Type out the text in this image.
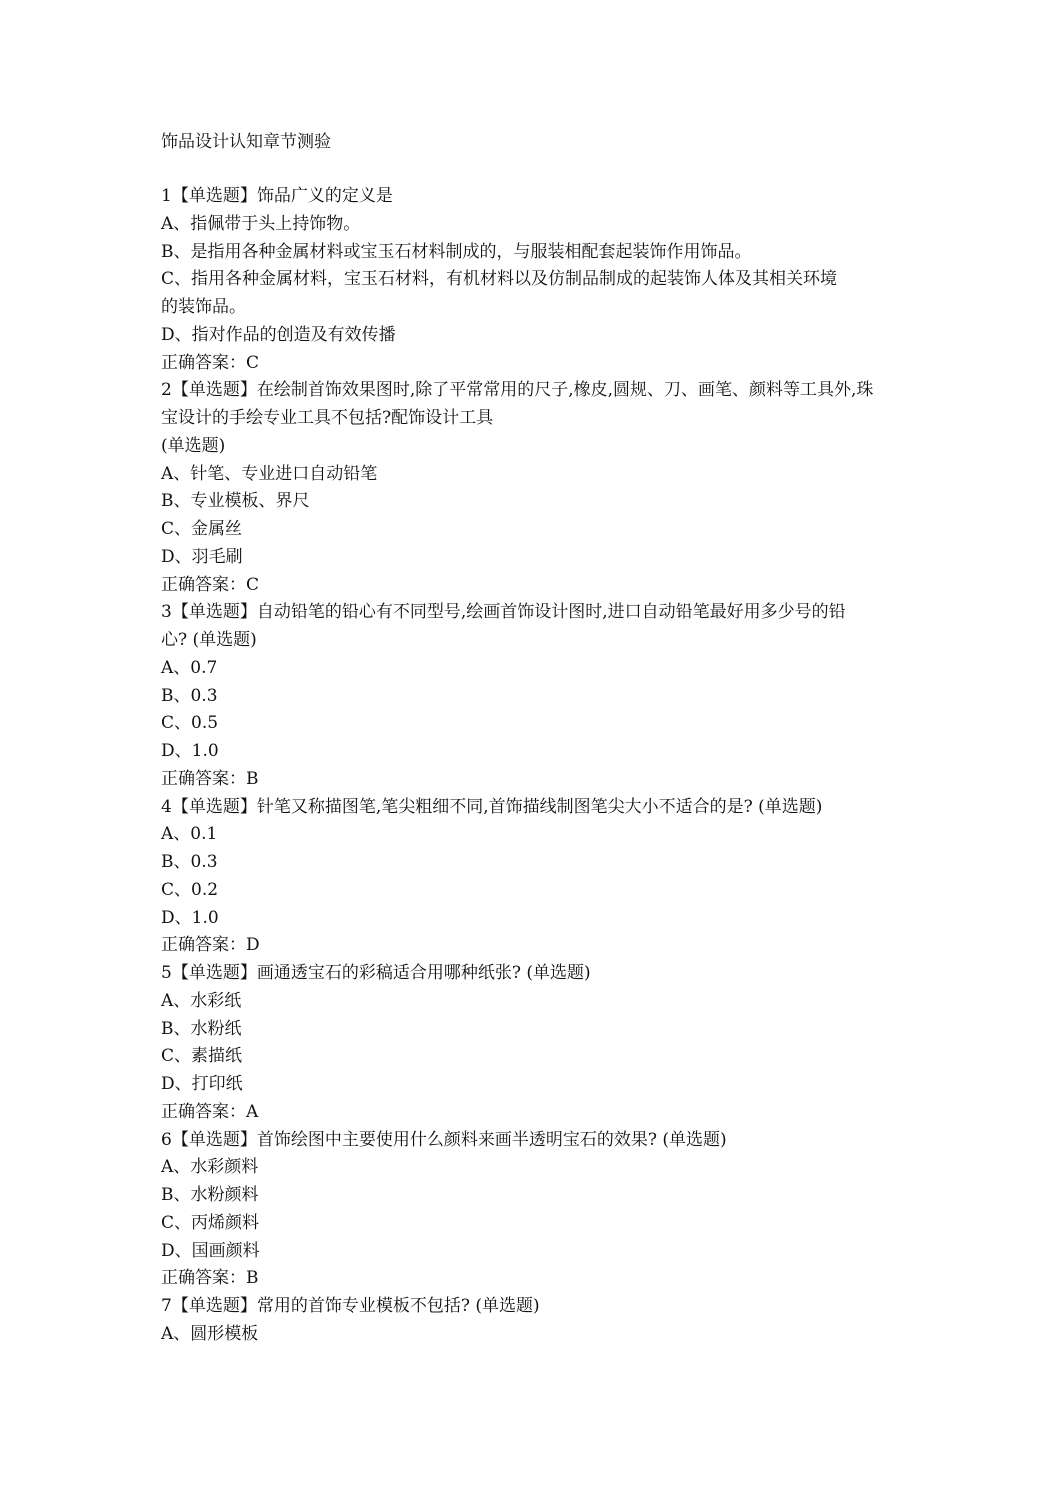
饰品设计认知章节测验
1【单选题】饰品广义的定义是
A、指佩带于头上持饰物。
B、是指用各种金属材料或宝玉石材料制成的，与服装相配套起装饰作用饰品。
C、指用各种金属材料，宝玉石材料，有机材料以及仿制品制成的起装饰人体及其相关环境
的装饰品。
D、指对作品的创造及有效传播
正确答案：C
2【单选题】在绘制首饰效果图时,除了平常常用的尺子,橡皮,圆规、刀、画笔、颜料等工具外,珠
宝设计的手绘专业工具不包括?配饰设计工具
(单选题)
A、针笔、专业进口自动铅笔
B、专业模板、界尺
C、金属丝
D、羽毛刷
正确答案：C
3【单选题】自动铅笔的铅心有不同型号,绘画首饰设计图时,进口自动铅笔最好用多少号的铅
心? (单选题)
A、0.7
B、0.3
C、0.5
D、1.0
正确答案：B
4【单选题】针笔又称描图笔,笔尖粗细不同,首饰描线制图笔尖大小不适合的是? (单选题)
A、0.1
B、0.3
C、0.2
D、1.0
正确答案：D
5【单选题】画通透宝石的彩稿适合用哪种纸张? (单选题)
A、水彩纸
B、水粉纸
C、素描纸
D、打印纸
正确答案：A
6【单选题】首饰绘图中主要使用什么颜料来画半透明宝石的效果? (单选题)
A、水彩颜料
B、水粉颜料
C、丙烯颜料
D、国画颜料
正确答案：B
7【单选题】常用的首饰专业模板不包括? (单选题)
A、圆形模板
